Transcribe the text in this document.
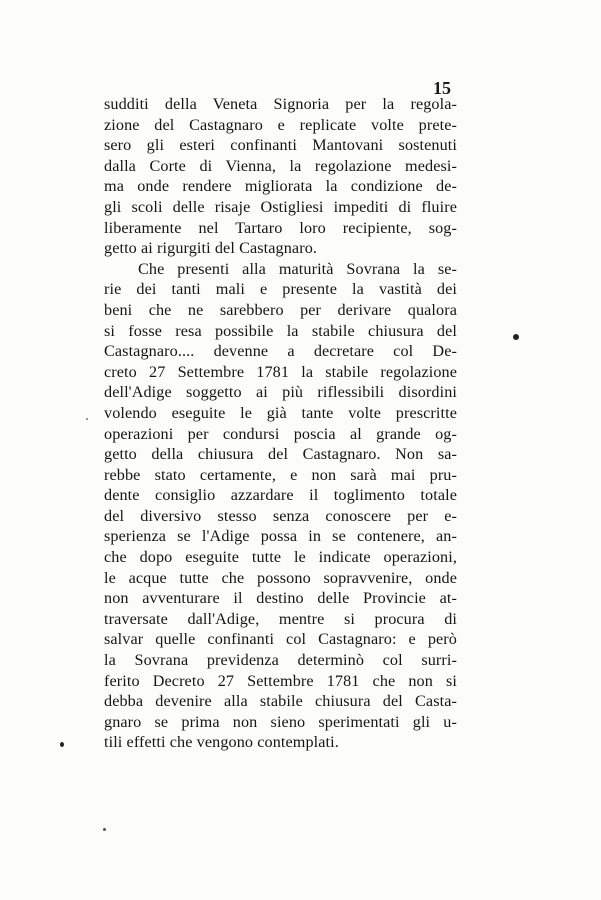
15
sudditi della Veneta Signoria per la regola-
zione del Castagnaro e replicate volte prete-
sero gli esteri confinanti Mantovani sostenuti
dalla Corte di Vienna, la regolazione medesi-
ma onde rendere migliorata la condizione de-
gli scoli delle risaje Ostigliesi impediti di fluire
liberamente nel Tartaro loro recipiente, sog-
getto ai rigurgiti del Castagnaro.
Che presenti alla maturità Sovrana la se-
rie dei tanti mali e presente la vastità dei
beni che ne sarebbero per derivare qualora
si fosse resa possibile la stabile chiusura del
Castagnaro.... devenne a decretare col De-
creto 27 Settembre 1781 la stabile regolazione
dell'Adige soggetto ai più riflessibili disordini
volendo eseguite le già tante volte prescritte
operazioni per condursi poscia al grande og-
getto della chiusura del Castagnaro. Non sa-
rebbe stato certamente, e non sarà mai pru-
dente consiglio azzardare il toglimento totale
del diversivo stesso senza conoscere per e-
sperienza se l'Adige possa in se contenere, an-
che dopo eseguite tutte le indicate operazioni,
le acque tutte che possono sopravvenire, onde
non avventurare il destino delle Provincie at-
traversate dall'Adige, mentre si procura di
salvar quelle confinanti col Castagnaro: e però
la Sovrana previdenza determinò col surri-
ferito Decreto 27 Settembre 1781 che non si
debba devenire alla stabile chiusura del Casta-
gnaro se prima non sieno sperimentati gli u-
tili effetti che vengono contemplati.
